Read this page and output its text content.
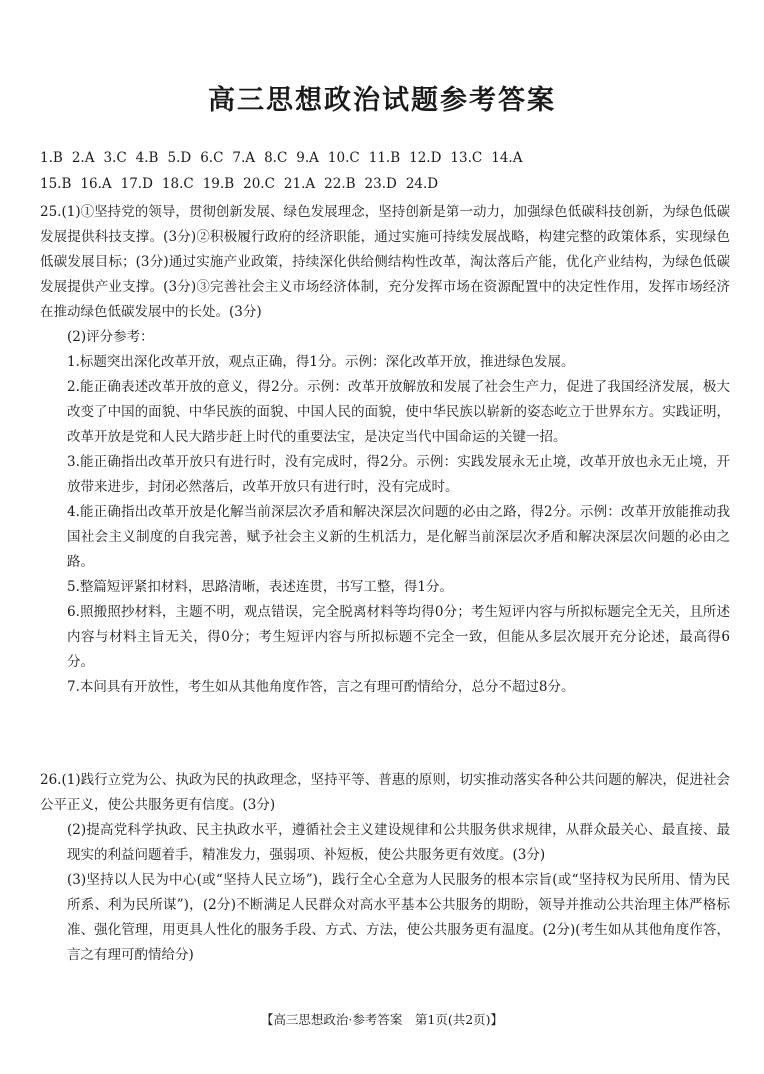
高三思想政治试题参考答案
1.B 2.A 3.C 4.B 5.D 6.C 7.A 8.C 9.A 10.C 11.B 12.D 13.C 14.A
15.B 16.A 17.D 18.C 19.B 20.C 21.A 22.B 23.D 24.D

25.(1)①坚持党的领导，贯彻创新发展、绿色发展理念，坚持创新是第一动力，加强绿色低碳科技创新，为绿色低碳发展提供科技支撑。(3分)②积极履行政府的经济职能，通过实施可持续发展战略，构建完整的政策体系，实现绿色低碳发展目标；(3分)通过实施产业政策，持续深化供给侧结构性改革，淘汰落后产能，优化产业结构，为绿色低碳发展提供产业支撑。(3分)③完善社会主义市场经济体制，充分发挥市场在资源配置中的决定性作用，发挥市场经济在推动绿色低碳发展中的长处。(3分)

(2)评分参考：

1.标题突出深化改革开放，观点正确，得1分。示例：深化改革开放，推进绿色发展。

2.能正确表述改革开放的意义，得2分。示例：改革开放解放和发展了社会生产力，促进了我国经济发展，极大改变了中国的面貌、中华民族的面貌、中国人民的面貌，使中华民族以崭新的姿态屹立于世界东方。实践证明，改革开放是党和人民大踏步赶上时代的重要法宝，是决定当代中国命运的关键一招。

3.能正确指出改革开放只有进行时，没有完成时，得2分。示例：实践发展永无止境，改革开放也永无止境，开放带来进步，封闭必然落后，改革开放只有进行时，没有完成时。

4.能正确指出改革开放是化解当前深层次矛盾和解决深层次问题的必由之路，得2分。示例：改革开放能推动我国社会主义制度的自我完善，赋予社会主义新的生机活力，是化解当前深层次矛盾和解决深层次问题的必由之路。

5.整篇短评紧扣材料，思路清晰，表述连贯，书写工整，得1分。

6.照搬照抄材料，主题不明，观点错误，完全脱离材料等均得0分；考生短评内容与所拟标题完全无关，且所述内容与材料主旨无关，得0分；考生短评内容与所拟标题不完全一致，但能从多层次展开充分论述，最高得6分。

7.本问具有开放性，考生如从其他角度作答，言之有理可酌情给分，总分不超过8分。

26.(1)践行立党为公、执政为民的执政理念，坚持平等、普惠的原则，切实推动落实各种公共问题的解决，促进社会公平正义，使公共服务更有信度。(3分)

(2)提高党科学执政、民主执政水平，遵循社会主义建设规律和公共服务供求规律，从群众最关心、最直接、最现实的利益问题着手，精准发力，强弱项、补短板，使公共服务更有效度。(3分)

(3)坚持以人民为中心(或“坚持人民立场”)，践行全心全意为人民服务的根本宗旨(或“坚持权为民所用、情为民所系、利为民所谋”)，(2分)不断满足人民群众对高水平基本公共服务的期盼，领导并推动公共治理主体严格标准、强化管理，用更具人性化的服务手段、方式、方法，使公共服务更有温度。(2分)(考生如从其他角度作答，言之有理可酌情给分)

【高三思想政治·参考答案　第1页(共2页)】
